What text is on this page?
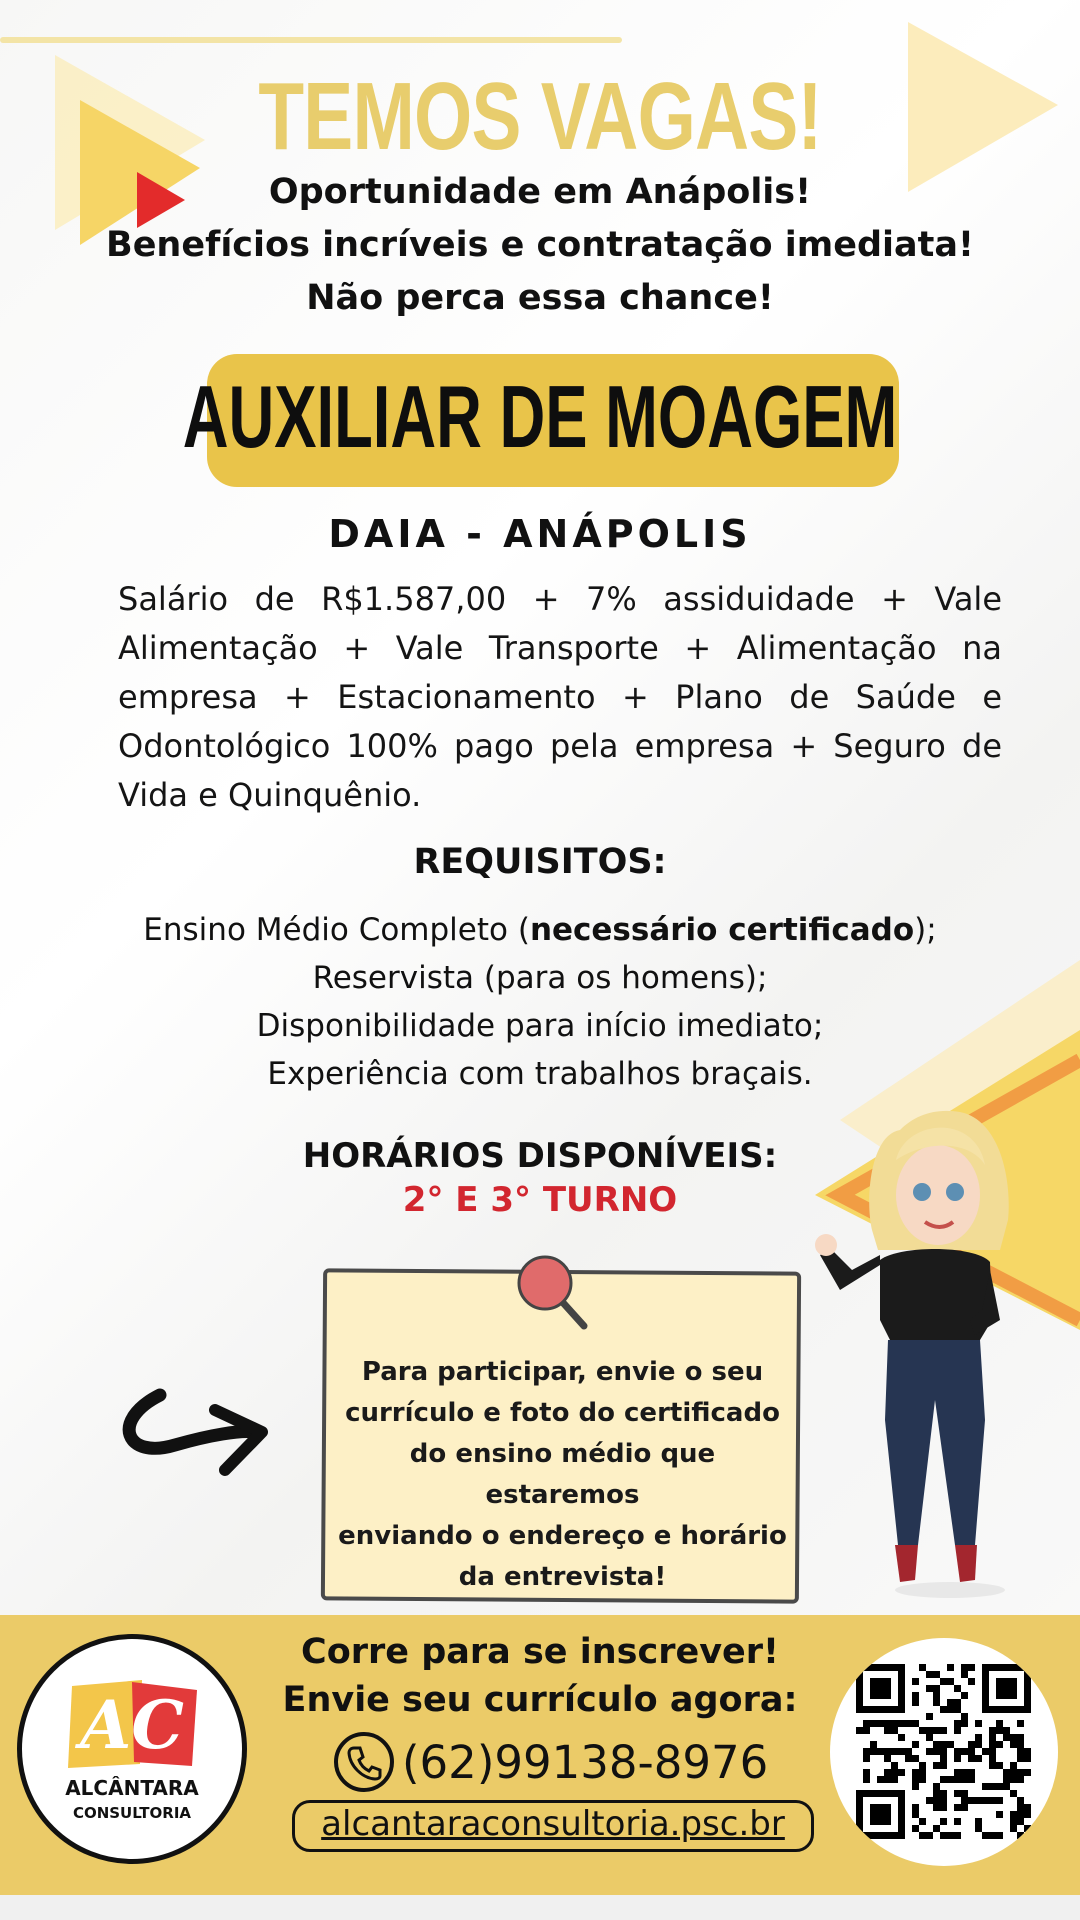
TEMOS VAGAS!
Oportunidade em Anápolis!
Benefícios incríveis e contratação imediata!
Não perca essa chance!
AUXILIAR DE MOAGEM
DAIA - ANÁPOLIS
Salário de R$1.587,00 + 7% assiduidade + Vale Alimentação + Vale Transporte + Alimentação na empresa + Estacionamento + Plano de Saúde e Odontológico 100% pago pela empresa + Seguro de Vida e Quinquênio.
REQUISITOS:
Ensino Médio Completo (necessário certificado);
Reservista (para os homens);
Disponibilidade para início imediato;
Experiência com trabalhos braçais.
HORÁRIOS DISPONÍVEIS:
2° E 3° TURNO
Para participar, envie o seu
currículo e foto do certificado
do ensino médio que estaremos
enviando o endereço e horário
da entrevista!
AC
ALCÂNTARA
CONSULTORIA
Corre para se inscrever!
Envie seu currículo agora:
(62)99138-8976
alcantaraconsultoria.psc.br
